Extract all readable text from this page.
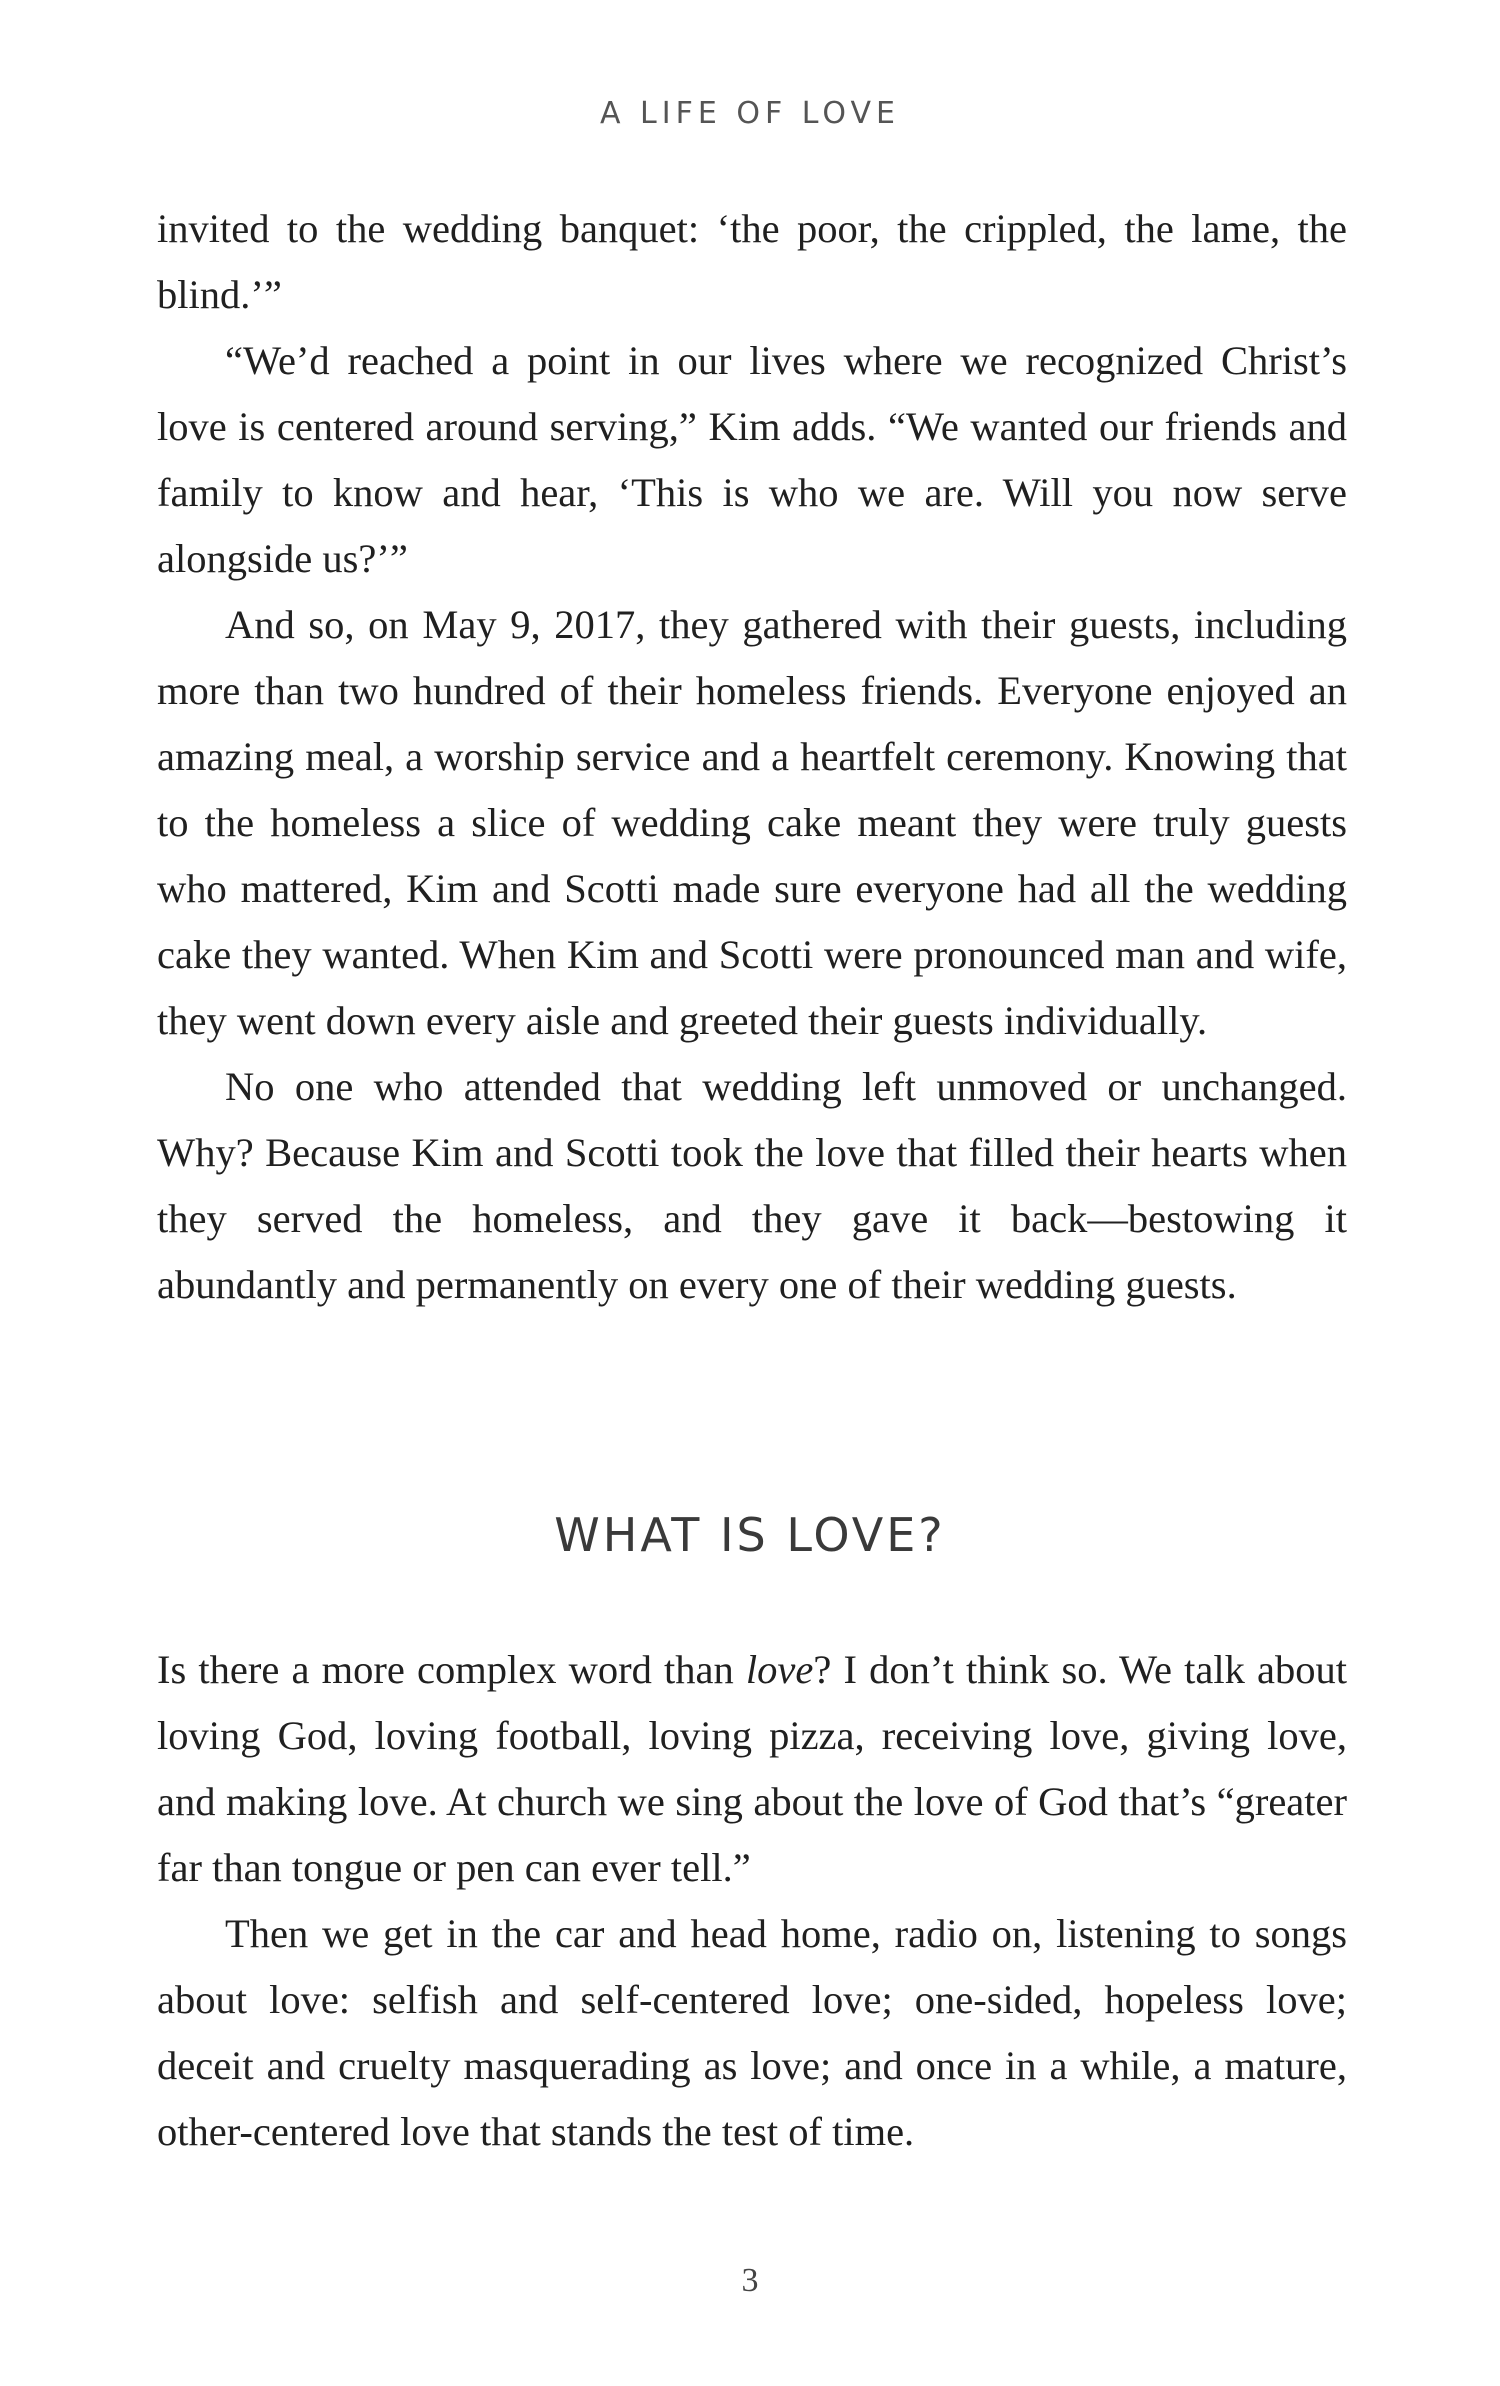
A LIFE OF LOVE

invited to the wedding banquet: ‘the poor, the crippled, the lame, the blind.’”

“We’d reached a point in our lives where we recognized Christ’s love is centered around serving,” Kim adds. “We wanted our friends and family to know and hear, ‘This is who we are. Will you now serve alongside us?’”

And so, on May 9, 2017, they gathered with their guests, including more than two hundred of their homeless friends. Everyone enjoyed an amazing meal, a worship service and a heartfelt ceremony. Knowing that to the homeless a slice of wedding cake meant they were truly guests who mattered, Kim and Scotti made sure everyone had all the wedding cake they wanted. When Kim and Scotti were pronounced man and wife, they went down every aisle and greeted their guests individually.

No one who attended that wedding left unmoved or unchanged. Why? Because Kim and Scotti took the love that filled their hearts when they served the homeless, and they gave it back—bestowing it abundantly and permanently on every one of their wedding guests.

WHAT IS LOVE?

Is there a more complex word than love? I don’t think so. We talk about loving God, loving football, loving pizza, receiving love, giving love, and making love. At church we sing about the love of God that’s “greater far than tongue or pen can ever tell.”

Then we get in the car and head home, radio on, listening to songs about love: selfish and self-centered love; one-sided, hopeless love; deceit and cruelty masquerading as love; and once in a while, a mature, other-centered love that stands the test of time.

3
